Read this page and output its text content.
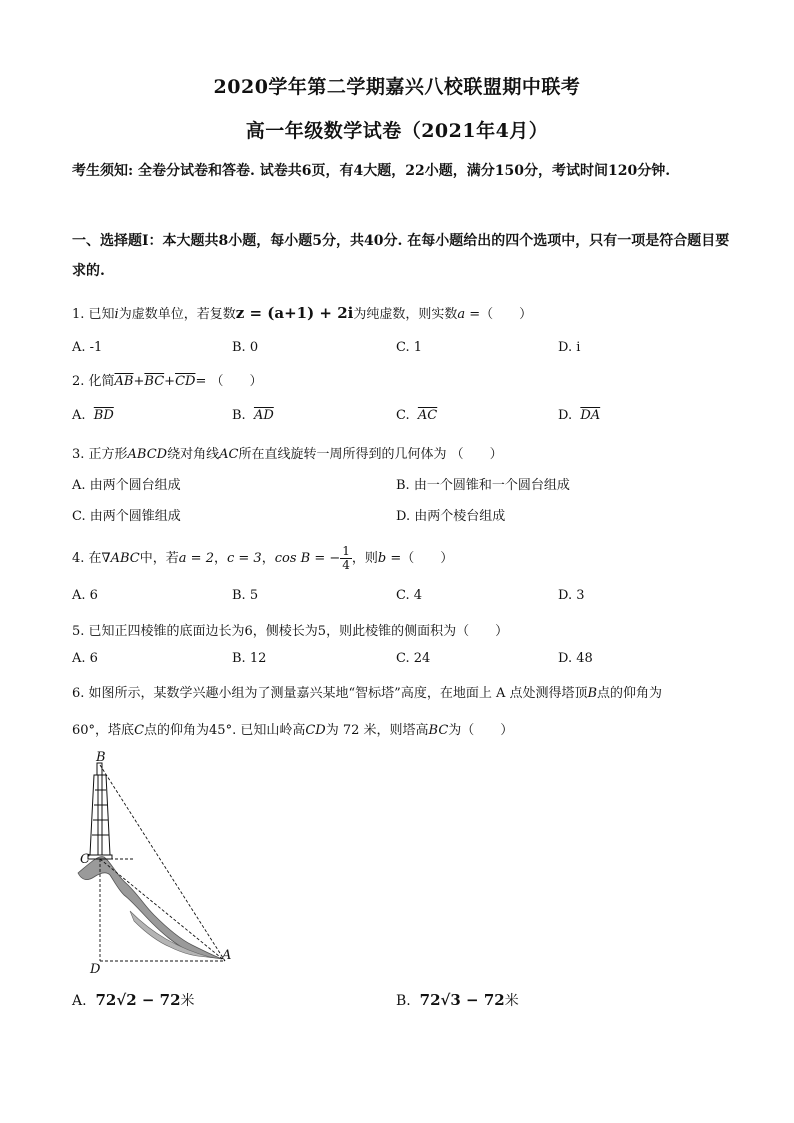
2020学年第二学期嘉兴八校联盟期中联考
高一年级数学试卷（2021年4月）
考生须知: 全卷分试卷和答卷. 试卷共6页，有4大题，22小题，满分150分，考试时间120分钟.
一、选择题Ⅰ：本大题共8小题，每小题5分，共40分. 在每小题给出的四个选项中，只有一项是符合题目要求的.
1. 已知i为虚数单位，若复数z = (a+1) + 2i为纯虚数，则实数a =（　　）
A. -1	B. 0	C. 1	D. i
2. 化简$\overline{AB}+\overline{BC}+\overline{CD}=$ （　　）
A. $\overline{BD}$	B. $\overline{AD}$	C. $\overline{AC}$	D. $\overline{DA}$
3. 正方形ABCD绕对角线AC所在直线旋转一周所得到的几何体为 （　　）
A. 由两个圆台组成	B. 由一个圆锥和一个圆台组成
C. 由两个圆锥组成	D. 由两个棱台组成
4. 在∇ABC中，若a = 2，c = 3，cos B = − $\frac{1}{4}$ ，则b =（　　）
A. 6	B. 5	C. 4	D. 3
5. 已知正四棱锥的底面边长为6，侧棱长为5，则此棱锥的侧面积为（　　）
A. 6	B. 12	C. 24	D. 48
6. 如图所示，某数学兴趣小组为了测量嘉兴某地“智标塔”高度，在地面上 A 点处测得塔顶B点的仰角为
60°，塔底C点的仰角为45°. 已知山岭高CD为 72 米，则塔高BC为（　　）
B
C
D
A
A. 72√2 − 72米	B. 72√3 − 72米
